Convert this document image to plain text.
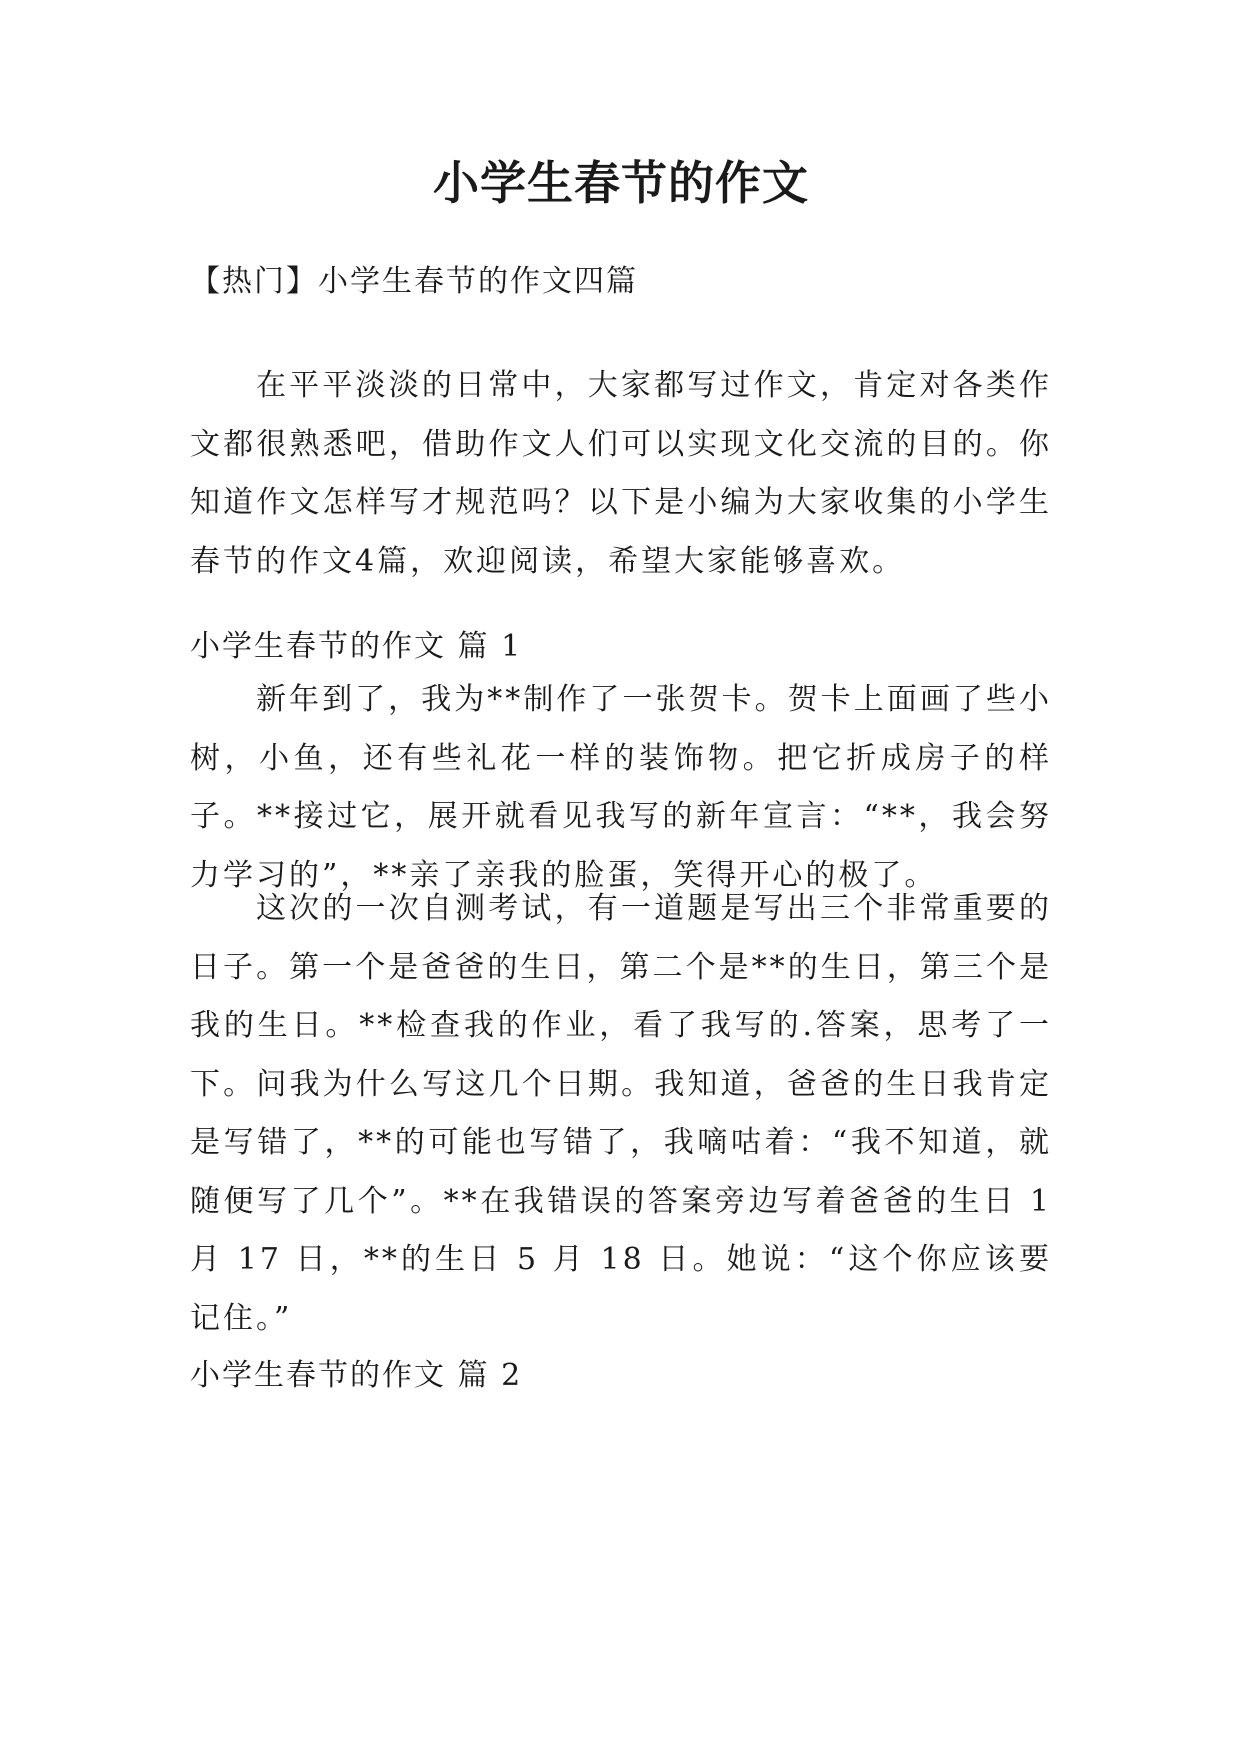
小学生春节的作文

【热门】小学生春节的作文四篇

在平平淡淡的日常中，大家都写过作文，肯定对各类作文都很熟悉吧，借助作文人们可以实现文化交流的目的。你知道作文怎样写才规范吗？以下是小编为大家收集的小学生春节的作文4篇，欢迎阅读，希望大家能够喜欢。

小学生春节的作文 篇 1

新年到了，我为**制作了一张贺卡。贺卡上面画了些小树，小鱼，还有些礼花一样的装饰物。把它折成房子的样子。**接过它，展开就看见我写的新年宣言：“**，我会努力学习的”，**亲了亲我的脸蛋，笑得开心的极了。

这次的一次自测考试，有一道题是写出三个非常重要的日子。第一个是爸爸的生日，第二个是**的生日，第三个是我的生日。**检查我的作业，看了我写的.答案，思考了一下。问我为什么写这几个日期。我知道，爸爸的生日我肯定是写错了，**的可能也写错了，我嘀咕着：“我不知道，就随便写了几个”。**在我错误的答案旁边写着爸爸的生日 1 月 17 日，**的生日 5 月 18 日。她说：“这个你应该要记住。”

小学生春节的作文 篇 2
